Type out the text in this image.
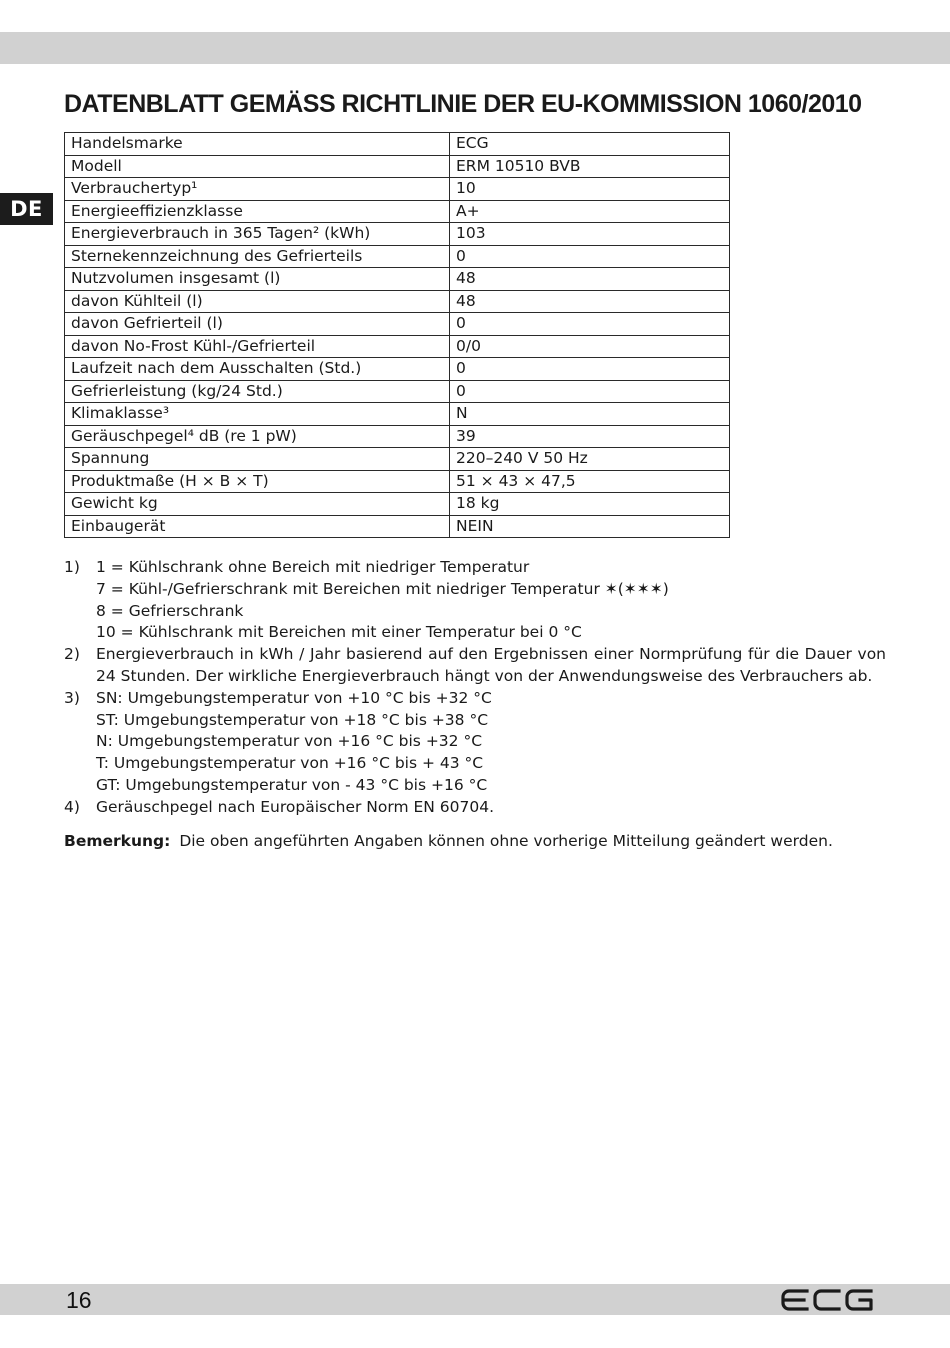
DE
DATENBLATT GEMÄSS RICHTLINIE DER EU-KOMMISSION 1060/2010
Handelsmarke	ECG
Modell	ERM 10510 BVB
Verbrauchertyp¹	10
Energieeffizienzklasse	A+
Energieverbrauch in 365 Tagen² (kWh)	103
Sternekennzeichnung des Gefrierteils	0
Nutzvolumen insgesamt (l)	48
davon Kühlteil (l)	48
davon Gefrierteil (l)	0
davon No-Frost Kühl-/Gefrierteil	0/0
Laufzeit nach dem Ausschalten (Std.)	0
Gefrierleistung (kg/24 Std.)	0
Klimaklasse³	N
Geräuschpegel⁴ dB (re 1 pW)	39
Spannung	220–240 V 50 Hz
Produktmaße (H × B × T)	51 × 43 × 47,5
Gewicht kg	18 kg
Einbaugerät	NEIN
1)	1 = Kühlschrank ohne Bereich mit niedriger Temperatur
7 = Kühl-/Gefrierschrank mit Bereichen mit niedriger Temperatur ✶(✶✶✶)
8 = Gefrierschrank
10 = Kühlschrank mit Bereichen mit einer Temperatur bei 0 °C
2)	Energieverbrauch in kWh / Jahr basierend auf den Ergebnissen einer Normprüfung für die Dauer von 24 Stunden. Der wirkliche Energieverbrauch hängt von der Anwendungsweise des Verbrauchers ab.
3)	SN: Umgebungstemperatur von +10 °C bis +32 °C
ST: Umgebungstemperatur von +18 °C bis +38 °C
N: Umgebungstemperatur von +16 °C bis +32 °C
T: Umgebungstemperatur von +16 °C bis + 43 °C
GT: Umgebungstemperatur von - 43 °C bis +16 °C
4)	Geräuschpegel nach Europäischer Norm EN 60704.
Bemerkung: Die oben angeführten Angaben können ohne vorherige Mitteilung geändert werden.
16
